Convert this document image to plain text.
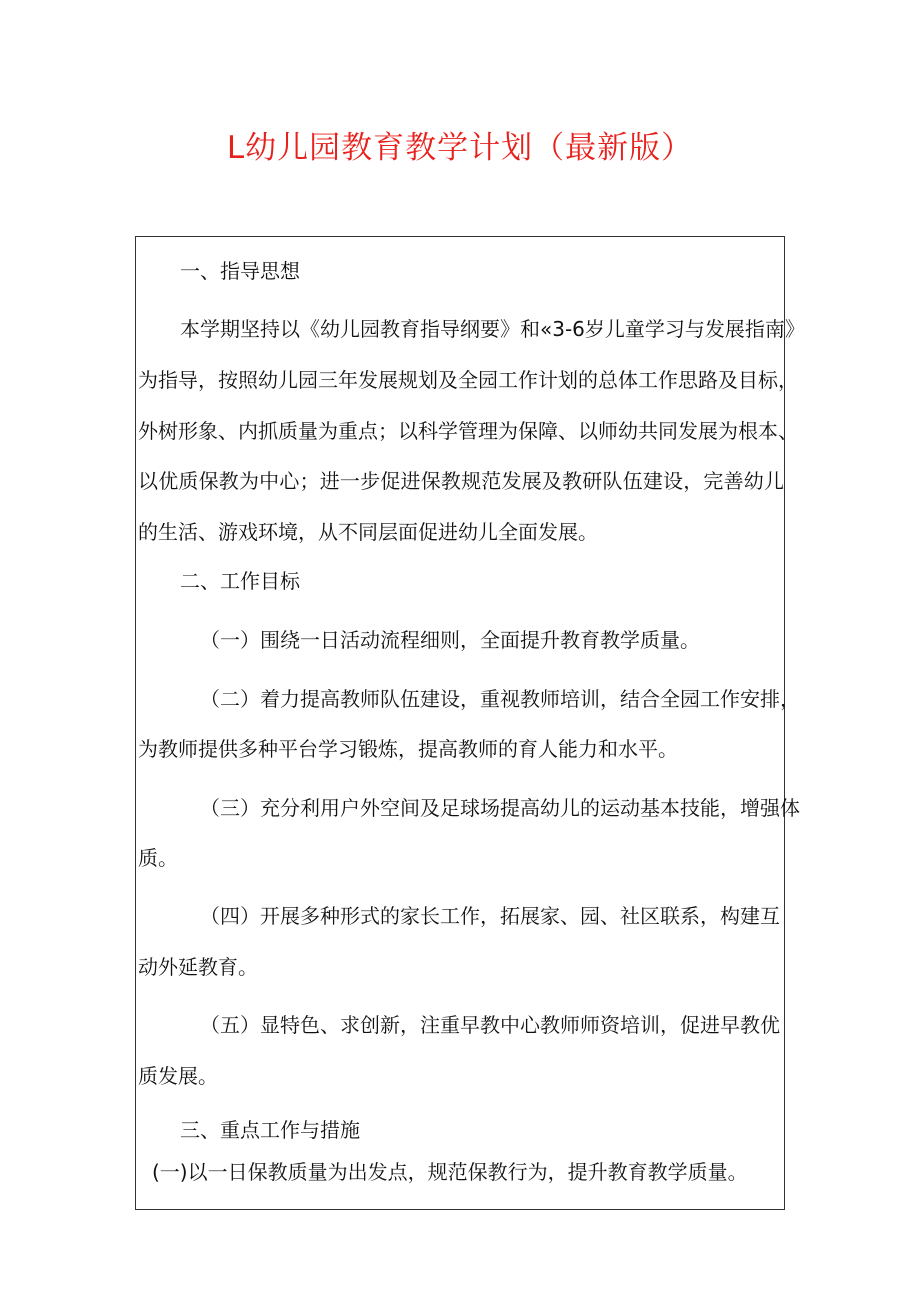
L幼儿园教育教学计划（最新版）
一、指导思想
本学期坚持以《幼儿园教育指导纲要》和«3-6岁儿童学习与发展指南》
为指导，按照幼儿园三年发展规划及全园工作计划的总体工作思路及目标，
外树形象、内抓质量为重点；以科学管理为保障、以师幼共同发展为根本、
以优质保教为中心；进一步促进保教规范发展及教研队伍建设，完善幼儿
的生活、游戏环境，从不同层面促进幼儿全面发展。
二、工作目标
（一）围绕一日活动流程细则，全面提升教育教学质量。
（二）着力提高教师队伍建设，重视教师培训，结合全园工作安排，
为教师提供多种平台学习锻炼，提高教师的育人能力和水平。
（三）充分利用户外空间及足球场提高幼儿的运动基本技能，增强体
质。
（四）开展多种形式的家长工作，拓展家、园、社区联系，构建互
动外延教育。
（五）显特色、求创新，注重早教中心教师师资培训，促进早教优
质发展。
三、重点工作与措施
(一)以一日保教质量为出发点，规范保教行为，提升教育教学质量。
